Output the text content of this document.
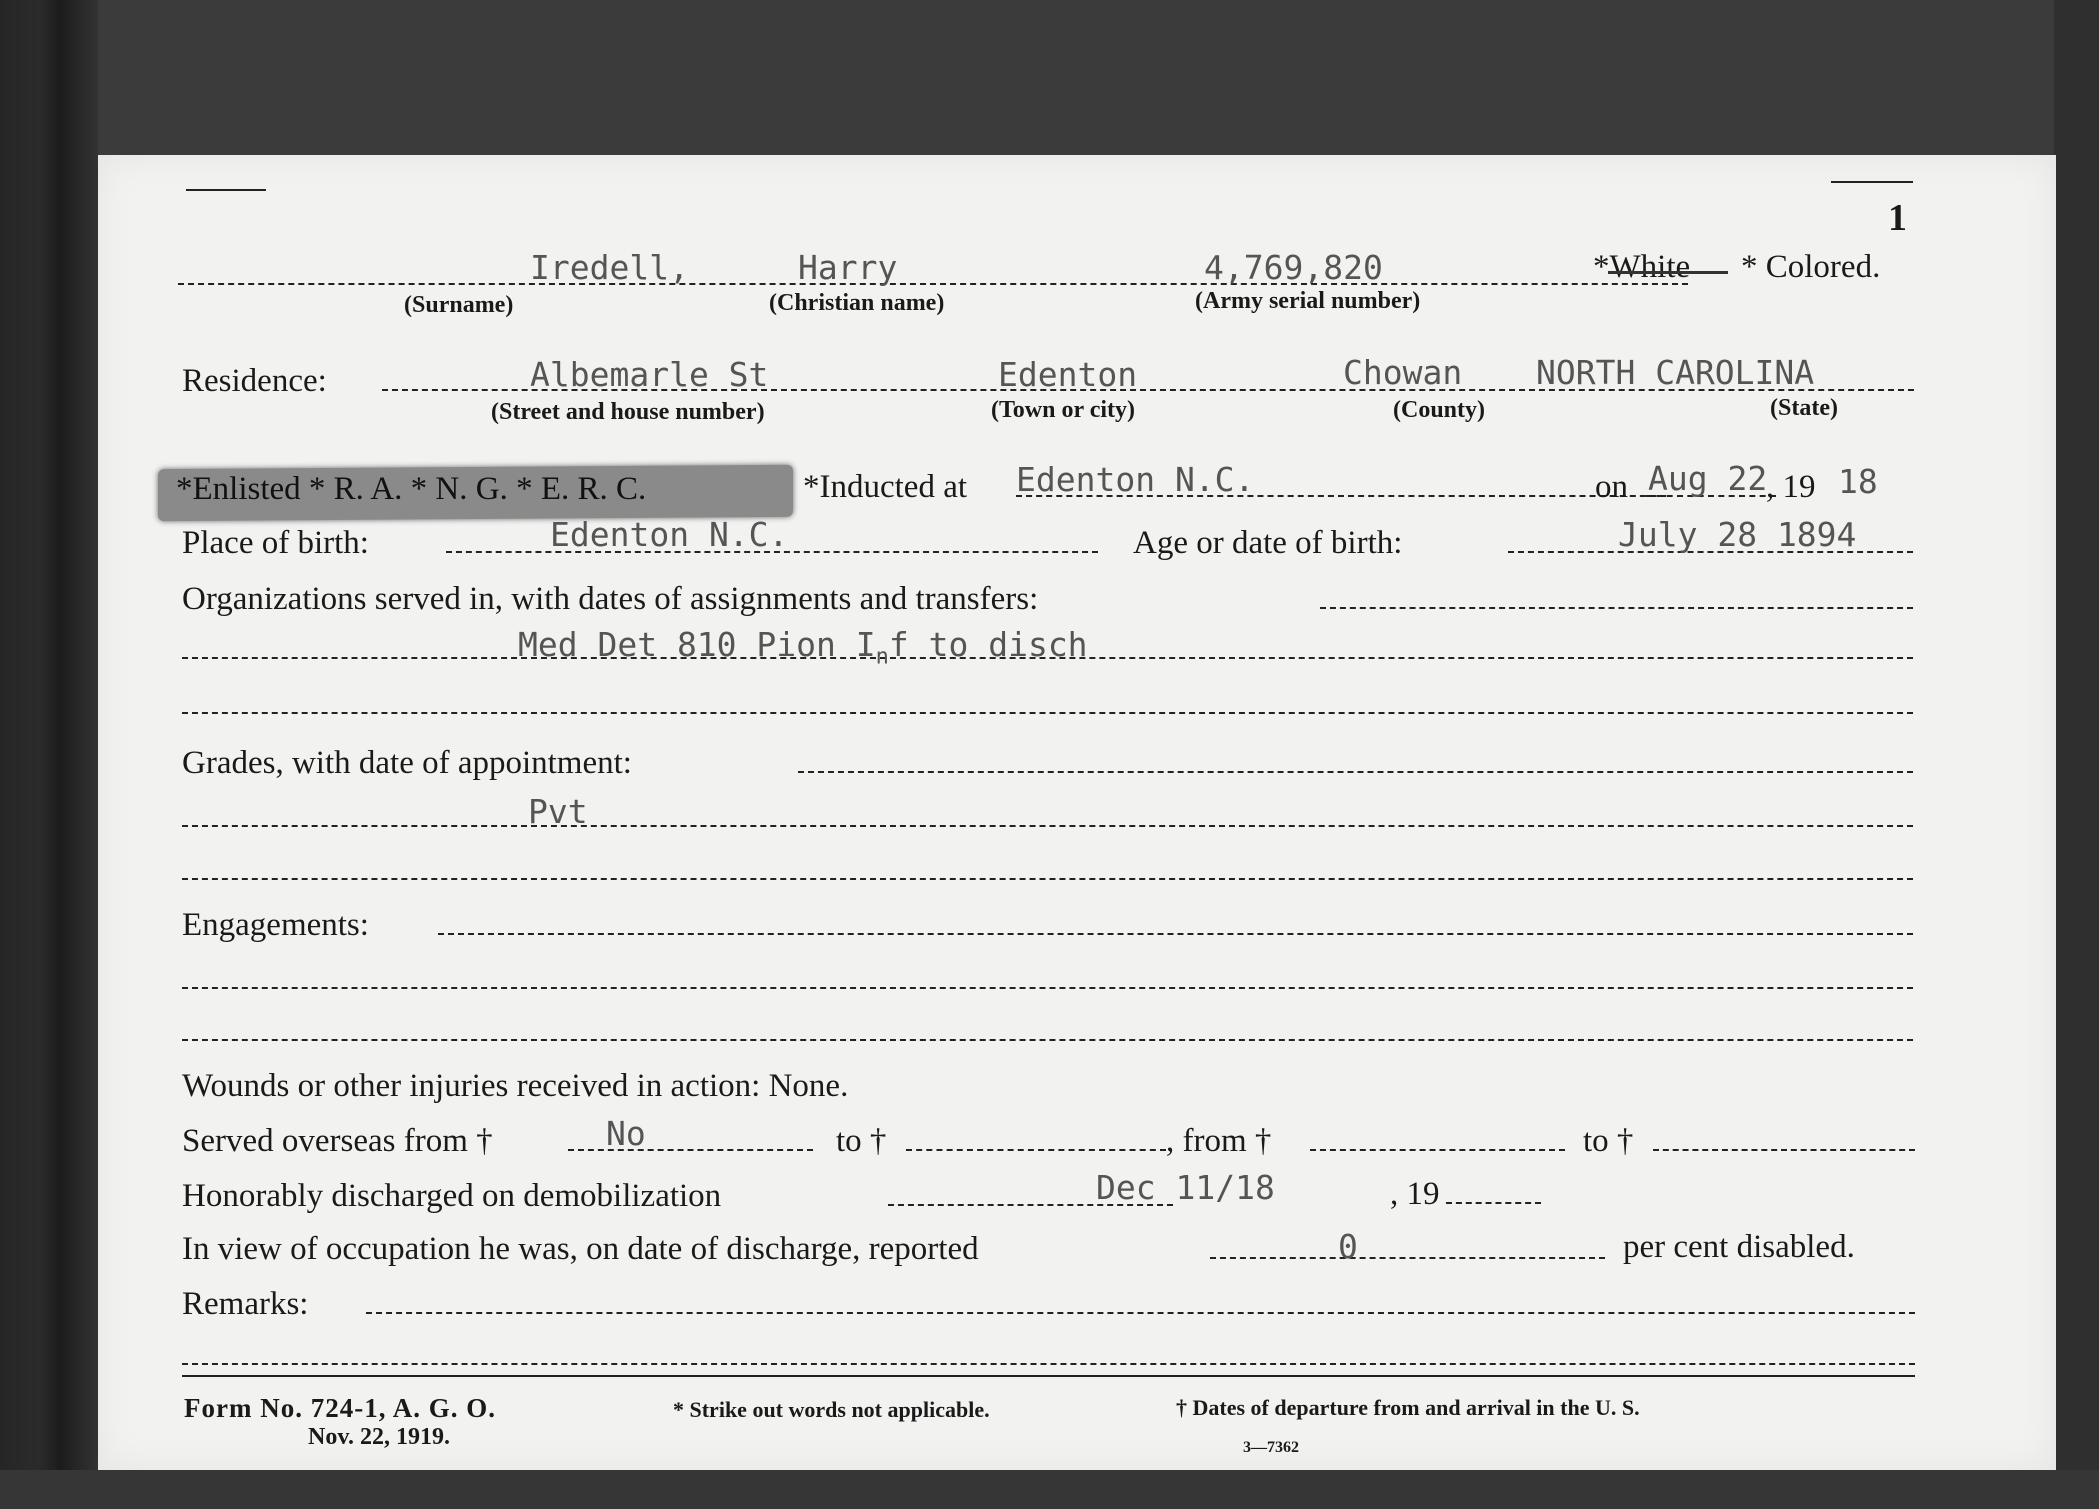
1
Iredell,	Harry	4,769,820
(Surname)	(Christian name)	(Army serial number)
*White * Colored.
Residence:	Albemarle St	Edenton	Chowan NORTH CAROLINA
(Street and house number)	(Town or city)	(County)	(State)
*Enlisted * R. A. * N. G. * E. R. C.	*Inducted at Edenton N.C.	on Aug 22
, 19 18
Place of birth:	Edenton N.C.	Age or date of birth:	July 28 1894
Organizations served in, with dates of assignments and transfers:
Med Det 810 Pion $I_nf$ to disch
Grades, with date of appointment:
Pvt
Engagements:
Wounds or other injuries received in action: None.
Served overseas from †	No	to †	, from †	to †
Honorably discharged on demobilization	Dec 11/18	, 19
In view of occupation he was, on date of discharge, reported	0	per cent disabled.
Remarks:
Form No. 724-1, A. G. O.
Nov. 22, 1919.
* Strike out words not applicable.	† Dates of departure from and arrival in the U. S.
3—7362
